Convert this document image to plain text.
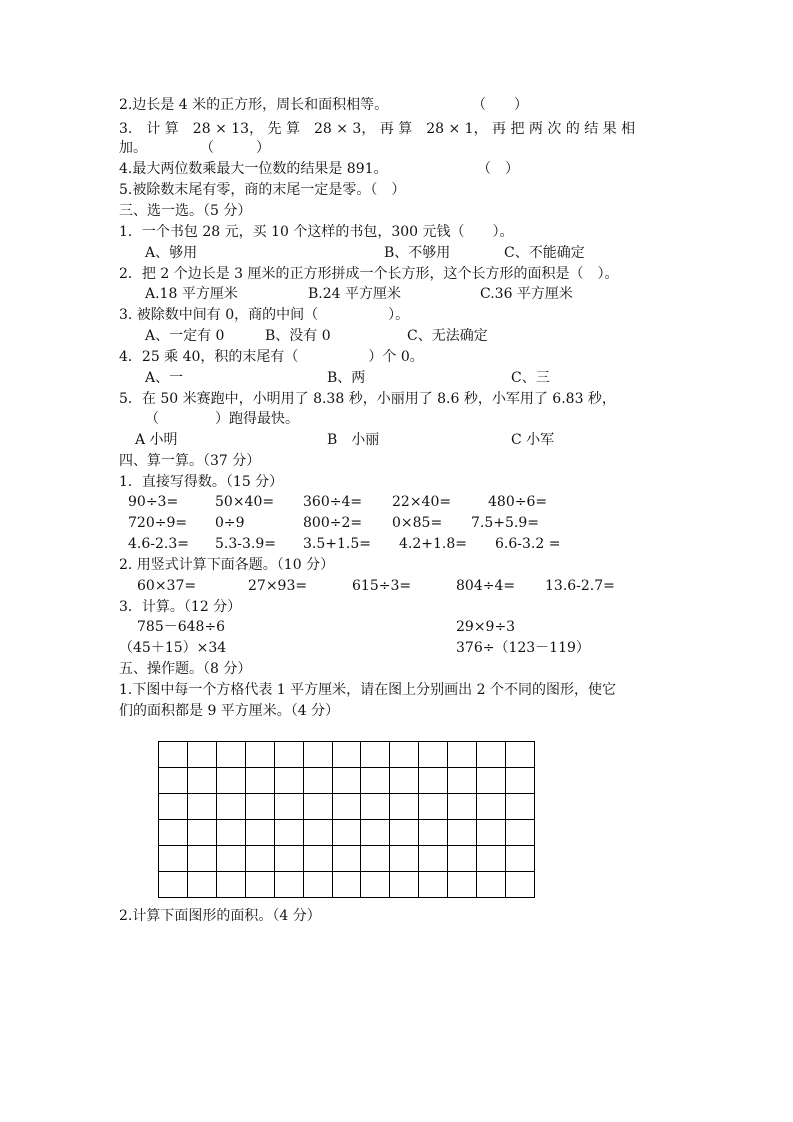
2.边长是 4 米的正方形，周长和面积相等。	（　　）
3.　计 算　28 × 13， 先 算　28 × 3， 再 算　28 × 1， 再 把 两 次 的 结 果 相
加。	（　　　）
4.最大两位数乘最大一位数的结果是 891。	（　）
5.被除数末尾有零，商的末尾一定是零。（　）
三、选一选。（5 分）
1．一个书包 28 元，买 10 个这样的书包，300 元钱（　　）。
A、够用	B、不够用	C、不能确定
2．把 2 个边长是 3 厘米的正方形拼成一个长方形，这个长方形的面积是（　）。
A.18 平方厘米	B.24 平方厘米	C.36 平方厘米
3. 被除数中间有 0，商的中间（　　　　　）。
A、一定有 0	B、没有 0	C、无法确定
4．25 乘 40，积的末尾有（　　　　　）个 0。
A、一	B、两	C、三
5．在 50 米赛跑中，小明用了 8.38 秒，小丽用了 8.6 秒，小军用了 6.83 秒，
（　　　　）跑得最快。
A 小明	B　小丽	C 小军
四、算一算。（37 分）
1．直接写得数。（15 分）
90÷3=	50×40= 360÷4= 22×40=	480÷6=
720÷9= 0÷9	800÷2= 0×85= 7.5+5.9=
4.6-2.3= 5.3-3.9= 3.5+1.5= 4.2+1.8= 6.6-3.2 =
2. 用竖式计算下面各题。（10 分）
60×37=	27×93=	615÷3=	804÷4= 13.6-2.7=
3．计算。（12 分）
785－648÷6	29×9÷3
（45＋15）×34	376÷（123－119）
五、操作题。（8 分）
1.下图中每一个方格代表 1 平方厘米，请在图上分别画出 2 个不同的图形，使它
们的面积都是 9 平方厘米。（4 分）

2.计算下面图形的面积。（4 分）
